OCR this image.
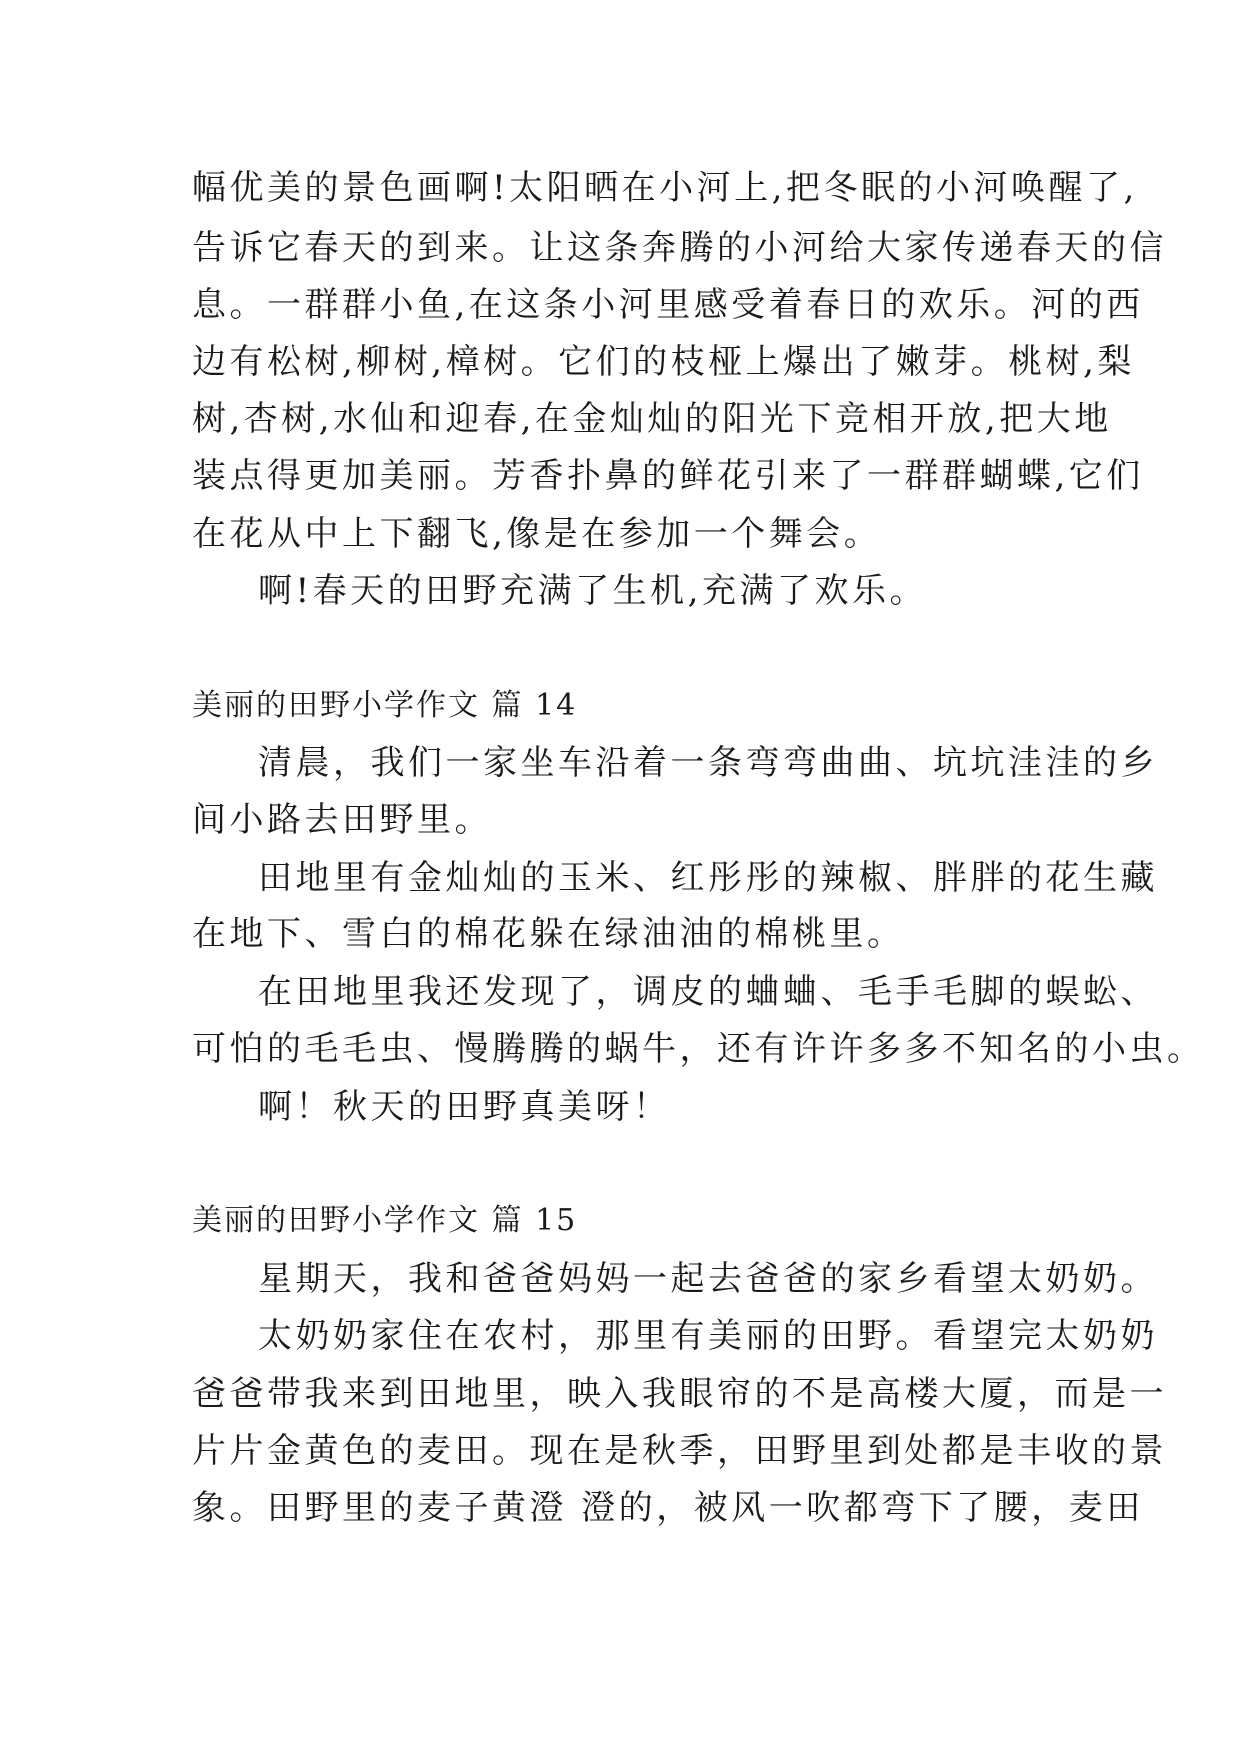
幅优美的景色画啊!太阳晒在小河上,把冬眠的小河唤醒了,
告诉它春天的到来。让这条奔腾的小河给大家传递春天的信
息。一群群小鱼,在这条小河里感受着春日的欢乐。河的西
边有松树,柳树,樟树。它们的枝桠上爆出了嫩芽。桃树,梨
树,杏树,水仙和迎春,在金灿灿的阳光下竞相开放,把大地
装点得更加美丽。芳香扑鼻的鲜花引来了一群群蝴蝶,它们
在花从中上下翻飞,像是在参加一个舞会。
啊!春天的田野充满了生机,充满了欢乐。
美丽的田野小学作文 篇 14
清晨，我们一家坐车沿着一条弯弯曲曲、坑坑洼洼的乡
间小路去田野里。
田地里有金灿灿的玉米、红彤彤的辣椒、胖胖的花生藏
在地下、雪白的棉花躲在绿油油的棉桃里。
在田地里我还发现了，调皮的蛐蛐、毛手毛脚的蜈蚣、
可怕的毛毛虫、慢腾腾的蜗牛，还有许许多多不知名的小虫。
啊！秋天的田野真美呀！
美丽的田野小学作文 篇 15
星期天，我和爸爸妈妈一起去爸爸的家乡看望太奶奶。
太奶奶家住在农村，那里有美丽的田野。看望完太奶奶
爸爸带我来到田地里，映入我眼帘的不是高楼大厦，而是一
片片金黄色的麦田。现在是秋季，田野里到处都是丰收的景
象。田野里的麦子黄澄 澄的，被风一吹都弯下了腰，麦田
